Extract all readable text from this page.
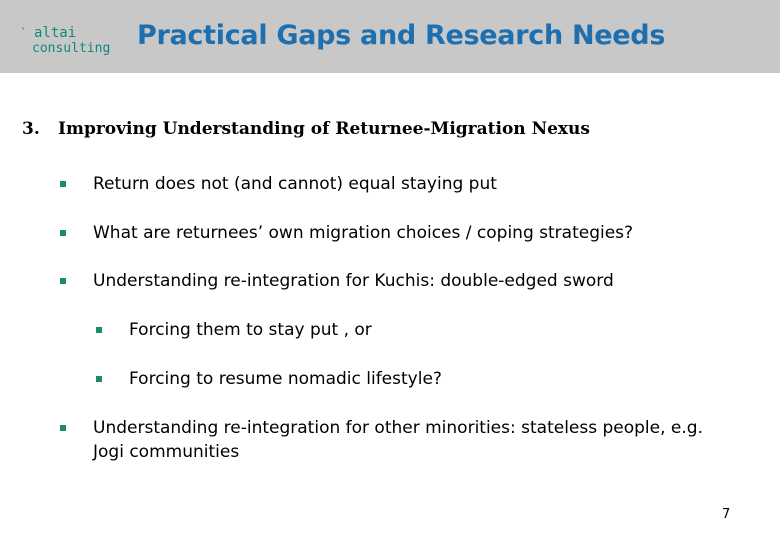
` altai
consulting Practical Gaps and Research Needs
3. Improving Understanding of Returnee-Migration Nexus
Return does not (and cannot) equal staying put
What are returnees’ own migration choices / coping strategies?
Understanding re-integration for Kuchis: double-edged sword
Forcing them to stay put , or
Forcing to resume nomadic lifestyle?
Understanding re-integration for other minorities: stateless people, e.g.
Jogi communities
7
